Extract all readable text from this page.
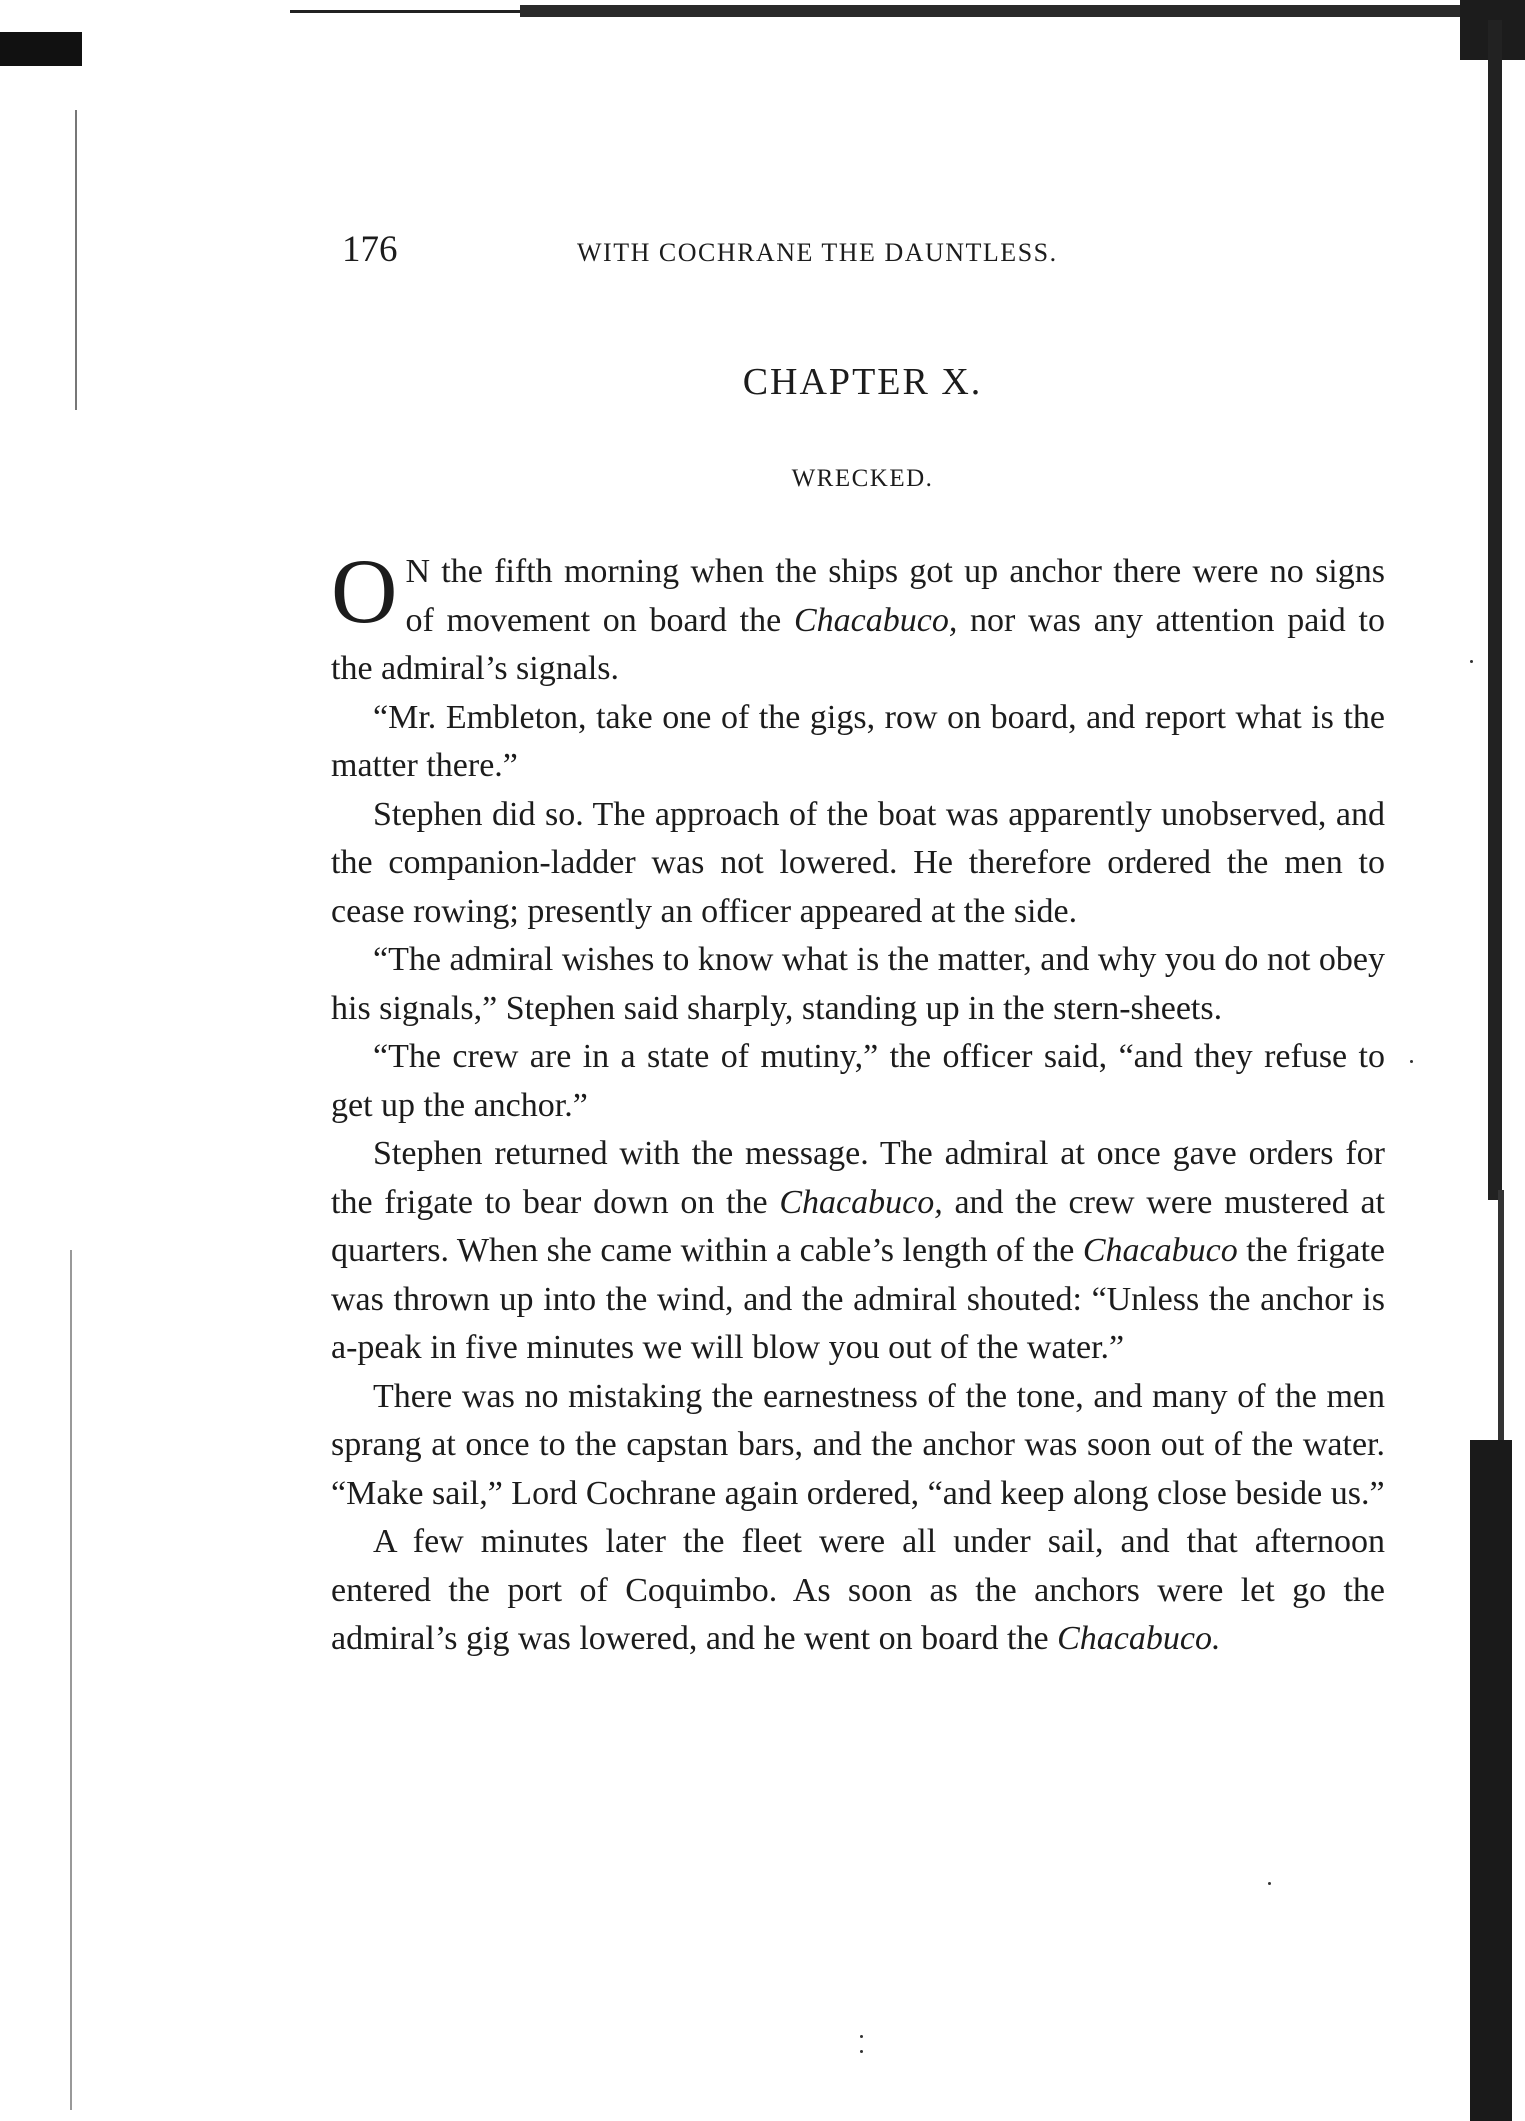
176	WITH COCHRANE THE DAUNTLESS.
CHAPTER X.
WRECKED.

O N the fifth morning when the ships got up anchor there were no signs of movement on board the Chacabuco, nor was any attention paid to the admiral’s signals.

“Mr. Embleton, take one of the gigs, row on board, and report what is the matter there.”

Stephen did so. The approach of the boat was apparently unobserved, and the companion-ladder was not lowered. He therefore ordered the men to cease rowing; presently an officer appeared at the side.

“The admiral wishes to know what is the matter, and why you do not obey his signals,” Stephen said sharply, standing up in the stern-sheets.

“The crew are in a state of mutiny,” the officer said, “and they refuse to get up the anchor.”

Stephen returned with the message. The admiral at once gave orders for the frigate to bear down on the Chacabuco, and the crew were mustered at quarters. When she came within a cable’s length of the Chacabuco the frigate was thrown up into the wind, and the admiral shouted: “Unless the anchor is a-peak in five minutes we will blow you out of the water.”

There was no mistaking the earnestness of the tone, and many of the men sprang at once to the capstan bars, and the anchor was soon out of the water. “Make sail,” Lord Cochrane again ordered, “and keep along close beside us.”

A few minutes later the fleet were all under sail, and that afternoon entered the port of Coquimbo. As soon as the anchors were let go the admiral’s gig was lowered, and he went on board the Chacabuco.
